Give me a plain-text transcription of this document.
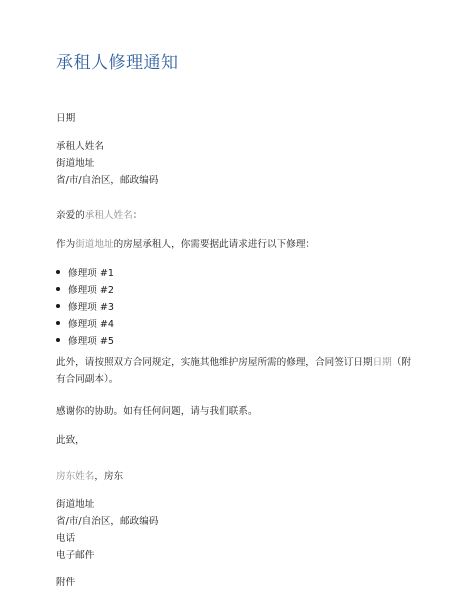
承租人修理通知
日期
承租人姓名
街道地址
省/市/自治区，邮政编码
亲爱的承租人姓名：
作为街道地址的房屋承租人，你需要据此请求进行以下修理：
修理项 #1
修理项 #2
修理项 #3
修理项 #4
修理项 #5
此外，请按照双方合同规定，实施其他维护房屋所需的修理，合同签订日期日期（附有合同副本）。
感谢你的协助。如有任何问题，请与我们联系。
此致，
房东姓名，房东
街道地址
省/市/自治区，邮政编码
电话
电子邮件
附件
